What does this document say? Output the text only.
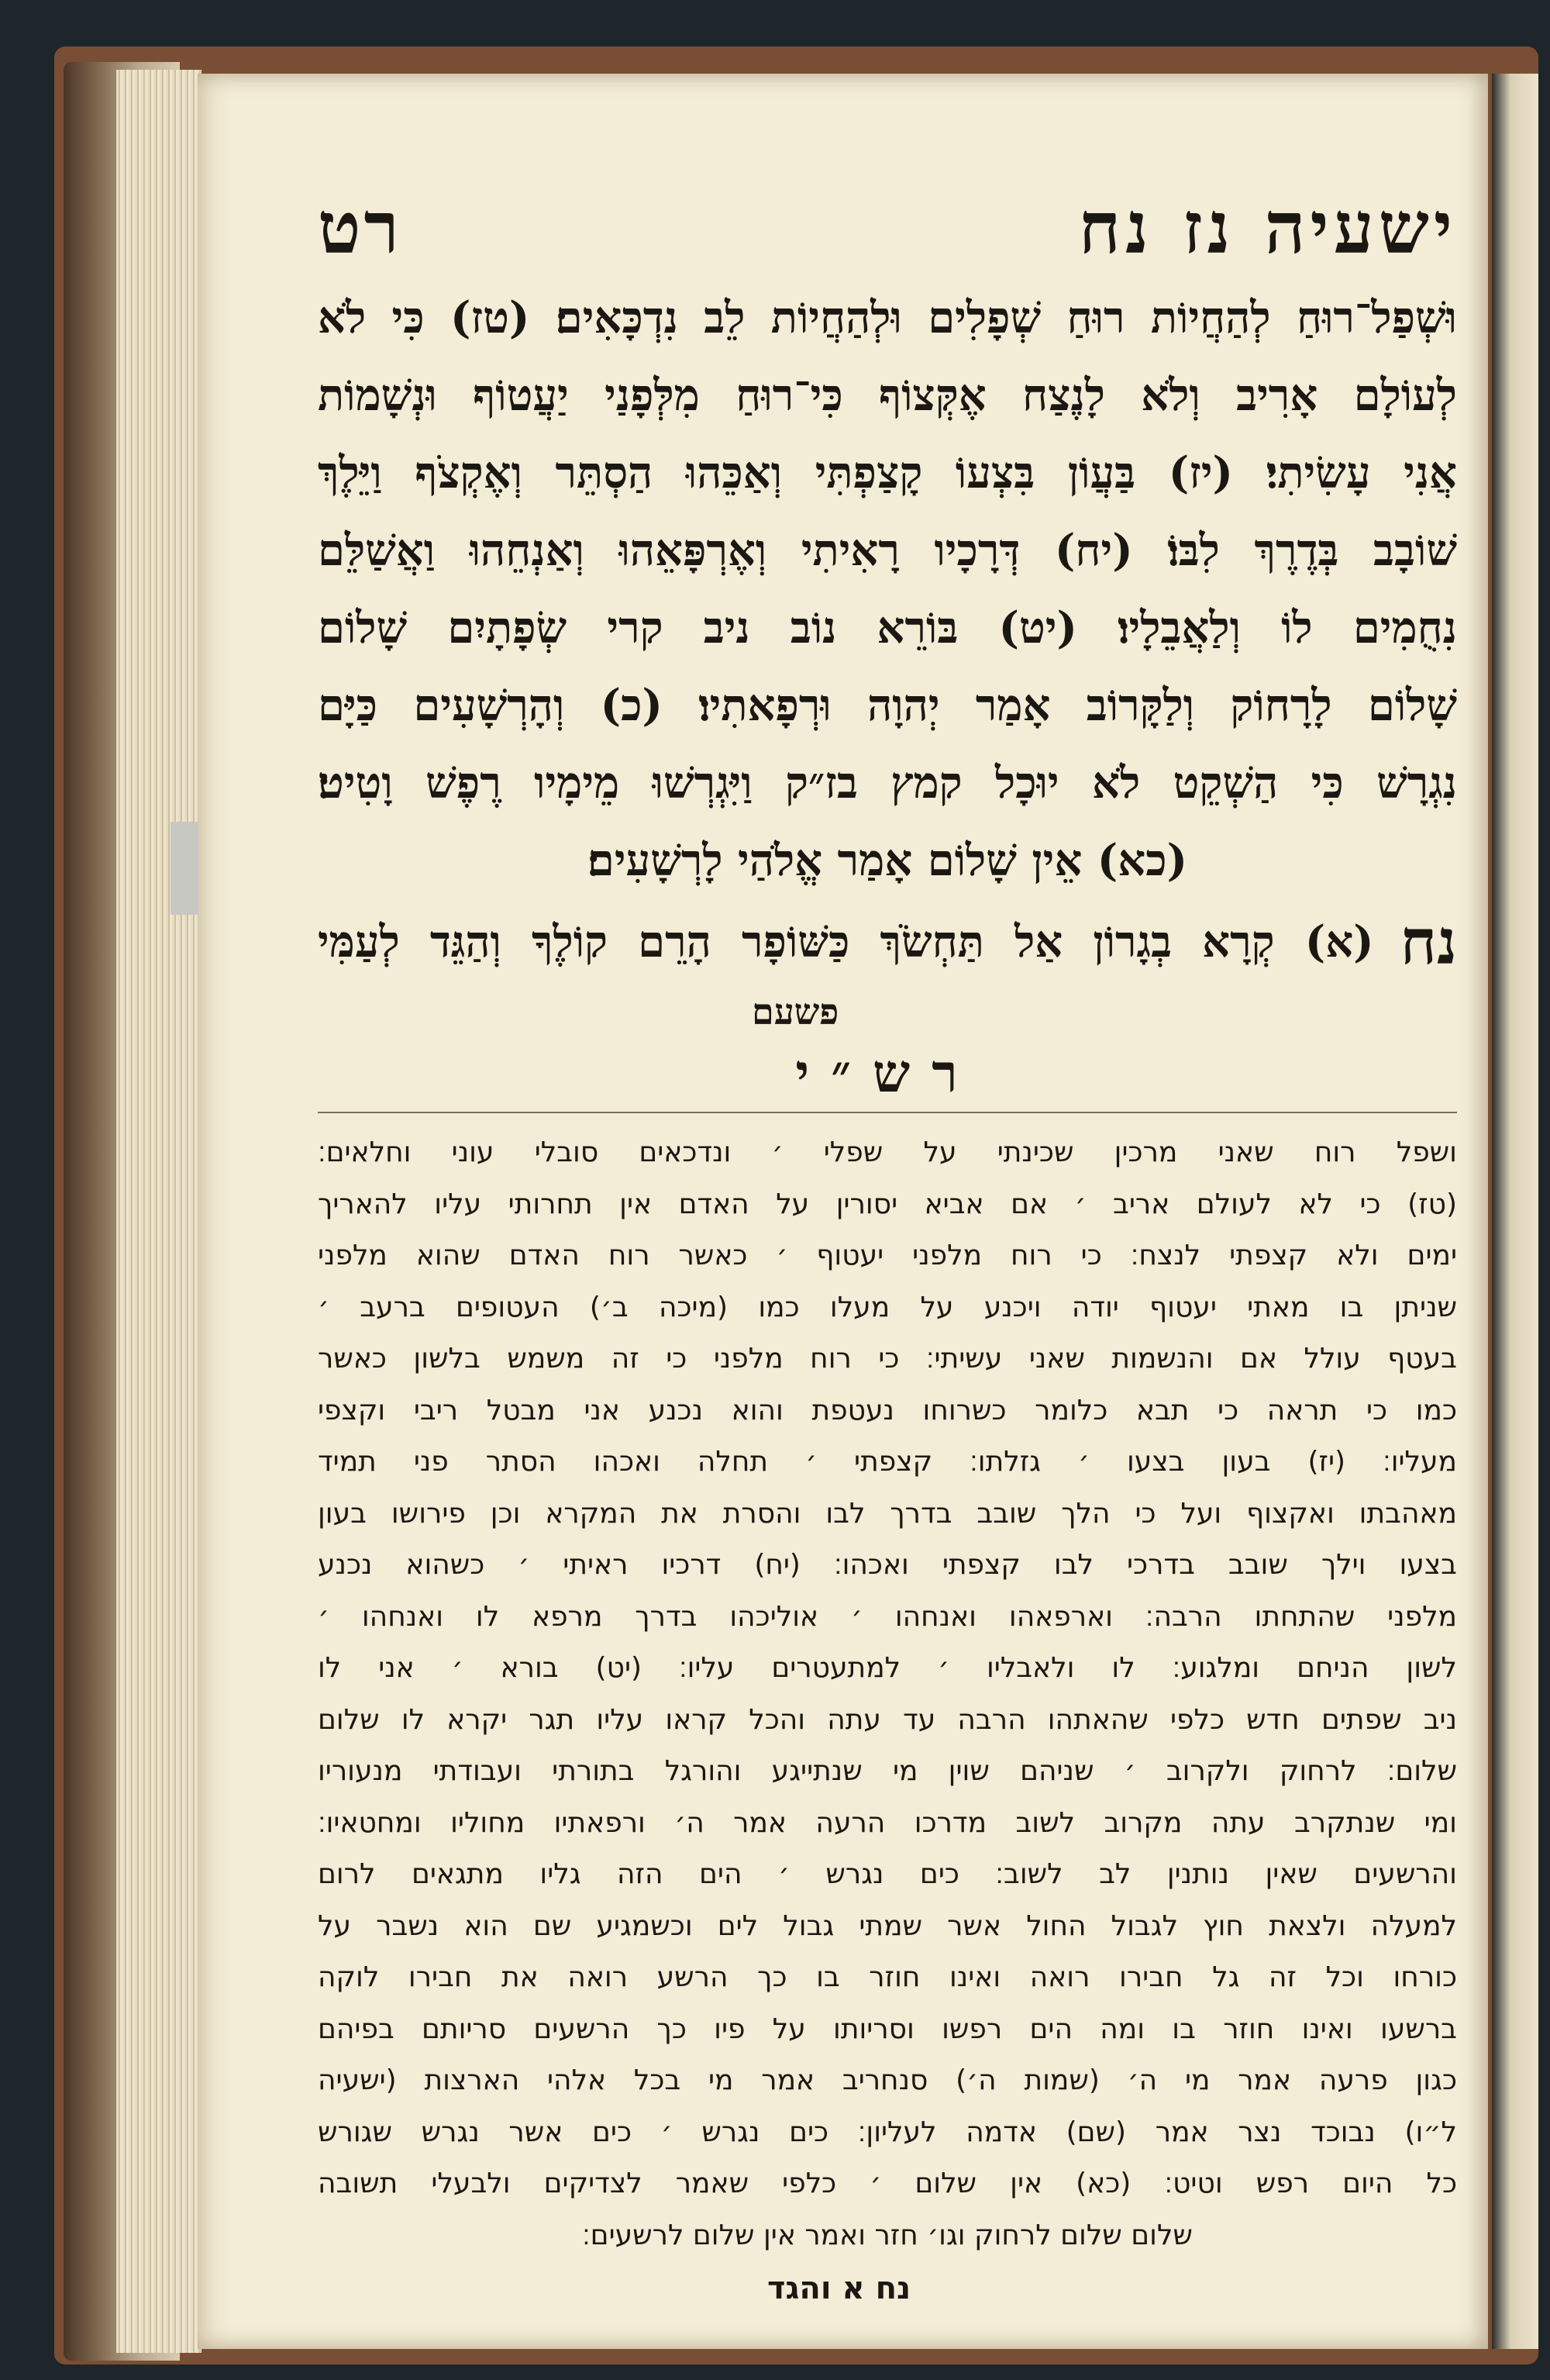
ישעיה נז נח
רט
וּשְׁפַל־רוּחַ לְהַחֲיוֹת רוּחַ שְׁפָלִים וּלְהַחֲיוֹת לֵב נִדְכָּאִים׃ (טז) כִּי לֹא
לְעוֹלָם אָרִיב וְלֹא לָנֶצַח אֶקְּצוֹף כִּי־רוּחַ מִלְּפָנַי יַעֲטוֹף וּנְשָׁמוֹת
אֲנִי עָשִׂיתִי׃ (יז) בַּעֲוֹן בִּצְעוֹ קָצַפְתִּי וְאַכֵּהוּ הַסְתֵּר וְאֶקְצֹף וַיֵּלֶךְ
שׁוֹבָב בְּדֶרֶךְ לִבּוֹ׃ (יח) דְּרָכָיו רָאִיתִי וְאֶרְפָּאֵהוּ וְאַנְחֵהוּ וַאֲשַׁלֵּם
נִחֻמִים לוֹ וְלַאֲבֵלָיו׃ (יט) בּוֹרֵא נוֹב ניב קרי שְׂפָתָיִם שָׁלוֹם
שָׁלוֹם לָרָחוֹק וְלַקָּרוֹב אָמַר יְהוָה וּרְפָאתִיו׃ (כ) וְהָרְשָׁעִים כַּיָּם
נִגְרָשׁ כִּי הַשְׁקֵט לֹא יוּכָל קמץ בז״ק וַיִּגְרְשׁוּ מֵימָיו רֶפֶשׁ וָטִיט׃
(כא) אֵין שָׁלוֹם אָמַר אֱלֹהַי לָרְשָׁעִים׃
נח
(א) קְרָא בְגָרוֹן אַל תַּחְשֹׂךְ כַּשּׁוֹפָר הָרֵם קוֹלֶךָ וְהַגֵּד לְעַמִּי
פשעם
רש״י
ושפל רוח שאני מרכין שכינתי על שפלי ׳ ונדכאים סובלי עוני וחלאים׃
(טז) כי לא לעולם אריב ׳ אם אביא יסורין על האדם אין תחרותי עליו להאריך
ימים ולא קצפתי לנצח׃ כי רוח מלפני יעטוף ׳ כאשר רוח האדם שהוא מלפני
שניתן בו מאתי יעטוף יודה ויכנע על מעלו כמו (מיכה ב׳) העטופים ברעב ׳
בעטף עולל אם והנשמות שאני עשיתי׃ כי רוח מלפני כי זה משמש בלשון כאשר
כמו כי תראה כי תבא כלומר כשרוחו נעטפת והוא נכנע אני מבטל ריבי וקצפי
מעליו׃ (יז) בעון בצעו ׳ גזלתו׃ קצפתי ׳ תחלה ואכהו הסתר פני תמיד
מאהבתו ואקצוף ועל כי הלך שובב בדרך לבו והסרת את המקרא וכן פירושו בעון
בצעו וילך שובב בדרכי לבו קצפתי ואכהו׃ (יח) דרכיו ראיתי ׳ כשהוא נכנע
מלפני שהתחתו הרבה׃ וארפאהו ואנחהו ׳ אוליכהו בדרך מרפא לו ואנחהו ׳
לשון הניחם ומלגוע׃ לו ולאבליו ׳ למתעטרים עליו׃ (יט) בורא ׳ אני לו
ניב שפתים חדש כלפי שהאתהו הרבה עד עתה והכל קראו עליו תגר יקרא לו שלום
שלום׃ לרחוק ולקרוב ׳ שניהם שוין מי שנתייגע והורגל בתורתי ועבודתי מנעוריו
ומי שנתקרב עתה מקרוב לשוב מדרכו הרעה אמר ה׳ ורפאתיו מחוליו ומחטאיו׃
והרשעים שאין נותנין לב לשוב׃ כים נגרש ׳ הים הזה גליו מתגאים לרום
למעלה ולצאת חוץ לגבול החול אשר שמתי גבול לים וכשמגיע שם הוא נשבר על
כורחו וכל זה גל חבירו רואה ואינו חוזר בו כך הרשע רואה את חבירו לוקה
ברשעו ואינו חוזר בו ומה הים רפשו וסריותו על פיו כך הרשעים סריותם בפיהם
כגון פרעה אמר מי ה׳ (שמות ה׳) סנחריב אמר מי בכל אלהי הארצות (ישעיה
ל״ו) נבוכד נצר אמר (שם) אדמה לעליון׃ כים נגרש ׳ כים אשר נגרש שגורש
כל היום רפש וטיט׃ (כא) אין שלום ׳ כלפי שאמר לצדיקים ולבעלי תשובה
שלום שלום לרחוק וגו׳ חזר ואמר אין שלום לרשעים׃
נח א והגד
